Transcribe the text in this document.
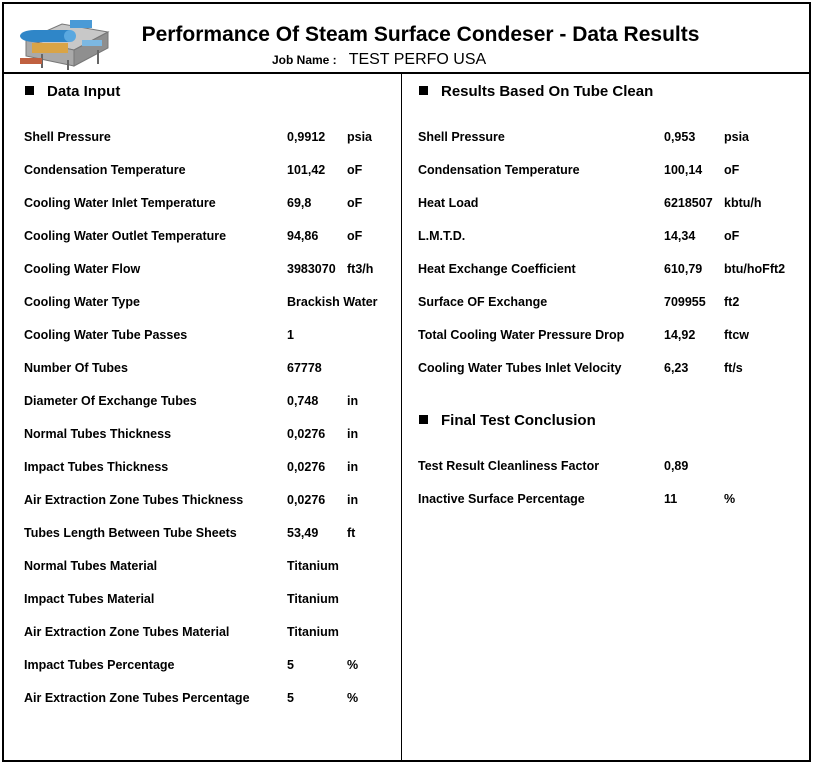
Performance Of Steam Surface Condeser - Data Results
Job Name : TEST PERFO USA
Data Input
Shell Pressure	0,9912 psia
Condensation Temperature	101,42 oF
Cooling Water Inlet Temperature	69,8	oF
Cooling Water Outlet Temperature	94,86 oF
Cooling Water Flow	3983070 ft3/h
Cooling Water Type	Brackish Water
Cooling Water Tube Passes	1
Number Of Tubes	67778
Diameter Of Exchange Tubes	0,748 in
Normal Tubes Thickness	0,0276 in
Impact Tubes Thickness	0,0276 in
Air Extraction Zone Tubes Thickness	0,0276 in
Tubes Length Between Tube Sheets	53,49 ft
Normal Tubes Material	Titanium
Impact Tubes Material	Titanium
Air Extraction Zone Tubes Material	Titanium
Impact Tubes Percentage	5	%
Air Extraction Zone Tubes Percentage	5	%
Results Based On Tube Clean
Shell Pressure	0,953 psia
Condensation Temperature	100,14 oF
Heat Load	6218507 kbtu/h
L.M.T.D.	14,34 oF
Heat Exchange Coefficient	610,79 btu/hoFft2
Surface OF Exchange	709955 ft2
Total Cooling Water Pressure Drop	14,92 ftcw
Cooling Water Tubes Inlet Velocity	6,23	ft/s
Final Test Conclusion
Test Result Cleanliness Factor	0,89
Inactive Surface Percentage	11	%
